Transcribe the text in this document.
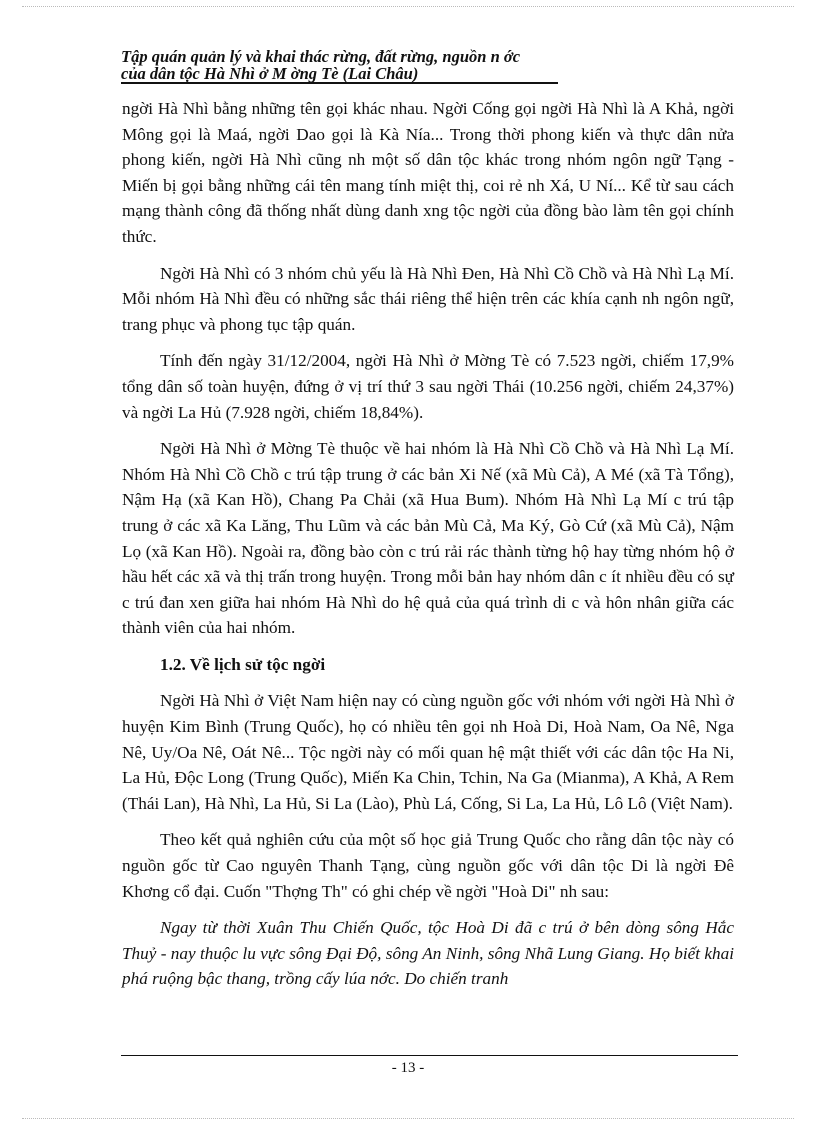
Tập quán quản lý và khai thác rừng, đất rừng, nguồn n ớc
của dân tộc Hà Nhì ở M ờng Tè (Lai Châu)

ngời Hà Nhì bằng những tên gọi khác nhau. Ngời Cống gọi ngời Hà Nhì là A Khả, ngời Mông gọi là Maá, ngời Dao gọi là Kà Nía... Trong thời phong kiến và thực dân nửa phong kiến, ngời Hà Nhì cũng nh một số dân tộc khác trong nhóm ngôn ngữ Tạng - Miến bị gọi bằng những cái tên mang tính miệt thị, coi rẻ nh Xá, U Ní... Kể từ sau cách mạng thành công đã thống nhất dùng danh xng tộc ngời của đồng bào làm tên gọi chính thức.

Ngời Hà Nhì có 3 nhóm chủ yếu là Hà Nhì Đen, Hà Nhì Cồ Chồ và Hà Nhì Lạ Mí. Mỗi nhóm Hà Nhì đều có những sắc thái riêng thể hiện trên các khía cạnh nh ngôn ngữ, trang phục và phong tục tập quán.

Tính đến ngày 31/12/2004, ngời Hà Nhì ở Mờng Tè có 7.523 ngời, chiếm 17,9% tổng dân số toàn huyện, đứng ở vị trí thứ 3 sau ngời Thái (10.256 ngời, chiếm 24,37%) và ngời La Hủ (7.928 ngời, chiếm 18,84%).

Ngời Hà Nhì ở Mờng Tè thuộc về hai nhóm là Hà Nhì Cồ Chồ và Hà Nhì Lạ Mí. Nhóm Hà Nhì Cồ Chồ c trú tập trung ở các bản Xi Nế (xã Mù Cả), A Mé (xã Tà Tổng), Nậm Hạ (xã Kan Hồ), Chang Pa Chải (xã Hua Bum). Nhóm Hà Nhì Lạ Mí c trú tập trung ở các xã Ka Lăng, Thu Lũm và các bản Mù Cả, Ma Ký, Gò Cứ (xã Mù Cả), Nậm Lọ (xã Kan Hồ). Ngoài ra, đồng bào còn c trú rải rác thành từng hộ hay từng nhóm hộ ở hầu hết các xã và thị trấn trong huyện. Trong mỗi bản hay nhóm dân c ít nhiều đều có sự c trú đan xen giữa hai nhóm Hà Nhì do hệ quả của quá trình di c và hôn nhân giữa các thành viên của hai nhóm.

1.2. Về lịch sử tộc ngời

Ngời Hà Nhì ở Việt Nam hiện nay có cùng nguồn gốc với nhóm với ngời Hà Nhì ở huyện Kim Bình (Trung Quốc), họ có nhiều tên gọi nh Hoà Di, Hoà Nam, Oa Nê, Nga Nê, Uy/Oa Nê, Oát Nê... Tộc ngời này có mối quan hệ mật thiết với các dân tộc Ha Ni, La Hủ, Độc Long (Trung Quốc), Miến Ka Chin, Tchin, Na Ga (Mianma), A Khả, A Rem (Thái Lan), Hà Nhì, La Hủ, Si La (Lào), Phù Lá, Cống, Si La, La Hủ, Lô Lô (Việt Nam).

Theo kết quả nghiên cứu của một số học giả Trung Quốc cho rằng dân tộc này có nguồn gốc từ Cao nguyên Thanh Tạng, cùng nguồn gốc với dân tộc Di là ngời Đê Khơng cổ đại. Cuốn "Thợng Th" có ghi chép về ngời "Hoà Di" nh sau:

Ngay từ thời Xuân Thu Chiến Quốc, tộc Hoà Di đã c trú ở bên dòng sông Hắc Thuỷ - nay thuộc lu vực sông Đại Độ, sông An Ninh, sông Nhã Lung Giang. Họ biết khai phá ruộng bậc thang, trồng cấy lúa nớc. Do chiến tranh

- 13 -
